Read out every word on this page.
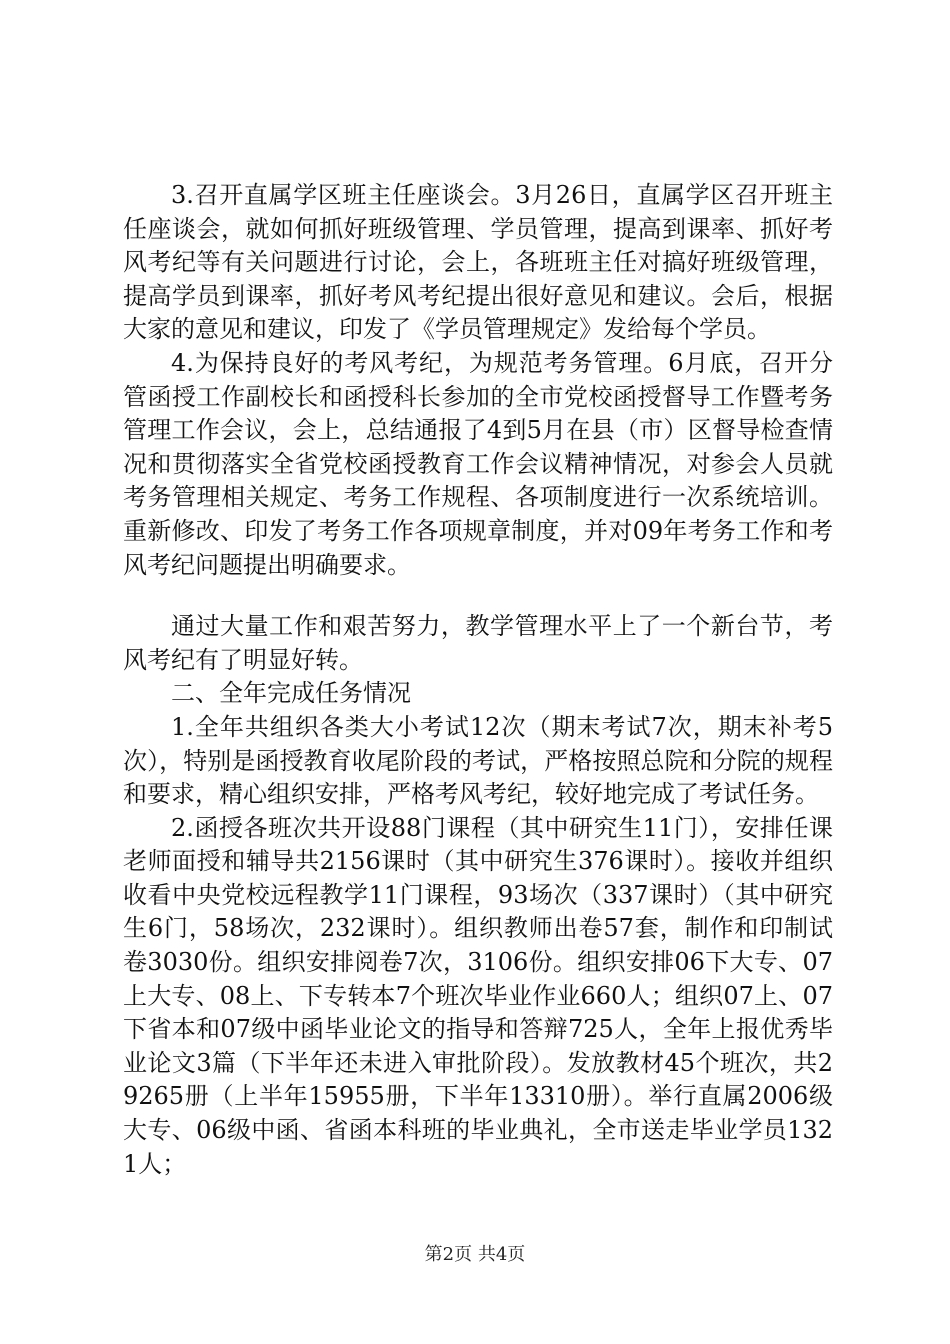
3.召开直属学区班主任座谈会。3月26日，直属学区召开班主任座谈会，就如何抓好班级管理、学员管理，提高到课率、抓好考风考纪等有关问题进行讨论，会上，各班班主任对搞好班级管理，提高学员到课率，抓好考风考纪提出很好意见和建议。会后，根据大家的意见和建议，印发了《学员管理规定》发给每个学员。

4.为保持良好的考风考纪，为规范考务管理。6月底，召开分管函授工作副校长和函授科长参加的全市党校函授督导工作暨考务管理工作会议，会上，总结通报了4到5月在县（市）区督导检查情况和贯彻落实全省党校函授教育工作会议精神情况，对参会人员就考务管理相关规定、考务工作规程、各项制度进行一次系统培训。重新修改、印发了考务工作各项规章制度，并对09年考务工作和考风考纪问题提出明确要求。

通过大量工作和艰苦努力，教学管理水平上了一个新台节，考风考纪有了明显好转。

二、全年完成任务情况

1.全年共组织各类大小考试12次（期末考试7次，期末补考5次），特别是函授教育收尾阶段的考试，严格按照总院和分院的规程和要求，精心组织安排，严格考风考纪，较好地完成了考试任务。

2.函授各班次共开设88门课程（其中研究生11门），安排任课老师面授和辅导共2156课时（其中研究生376课时）。接收并组织收看中央党校远程教学11门课程，93场次（337课时）（其中研究生6门，58场次，232课时）。组织教师出卷57套，制作和印制试卷3030份。组织安排阅卷7次，3106份。组织安排06下大专、07上大专、08上、下专转本7个班次毕业作业660人；组织07上、07下省本和07级中函毕业论文的指导和答辩725人，全年上报优秀毕业论文3篇（下半年还未进入审批阶段）。发放教材45个班次，共29265册（上半年15955册，下半年13310册）。举行直属2006级大专、06级中函、省函本科班的毕业典礼，全市送走毕业学员1321人；

第2页 共4页
